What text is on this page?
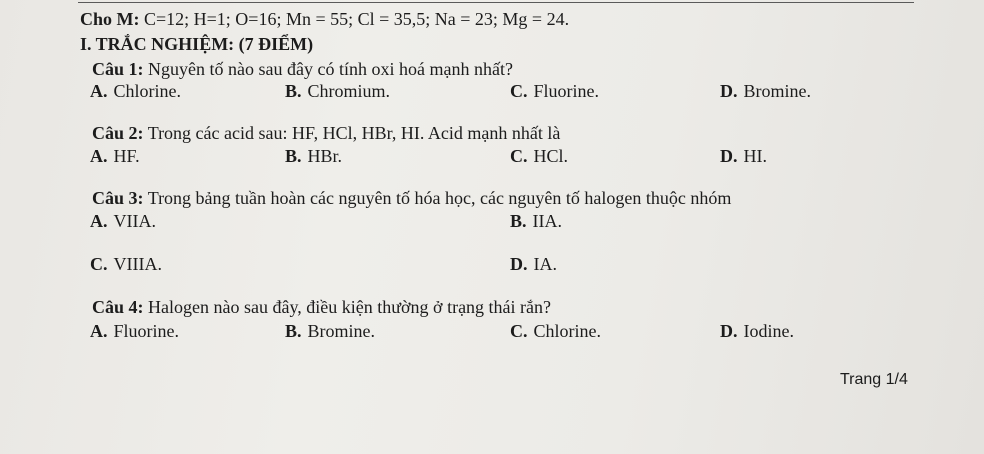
Cho M: C=12; H=1; O=16; Mn = 55; Cl = 35,5; Na = 23; Mg = 24.
I. TRẮC NGHIỆM: (7 ĐIỂM)
Câu 1: Nguyên tố nào sau đây có tính oxi hoá mạnh nhất?
A. Chlorine.	B. Chromium.	C. Fluorine.	D. Bromine.
Câu 2: Trong các acid sau: HF, HCl, HBr, HI. Acid mạnh nhất là
A. HF.	B. HBr.	C. HCl.	D. HI.
Câu 3: Trong bảng tuần hoàn các nguyên tố hóa học, các nguyên tố halogen thuộc nhóm
A. VIIA.	B. IIA.
C. VIIIA.	D. IA.
Câu 4: Halogen nào sau đây, điều kiện thường ở trạng thái rắn?
A. Fluorine.	B. Bromine.	C. Chlorine.	D. Iodine.
Trang 1/4
